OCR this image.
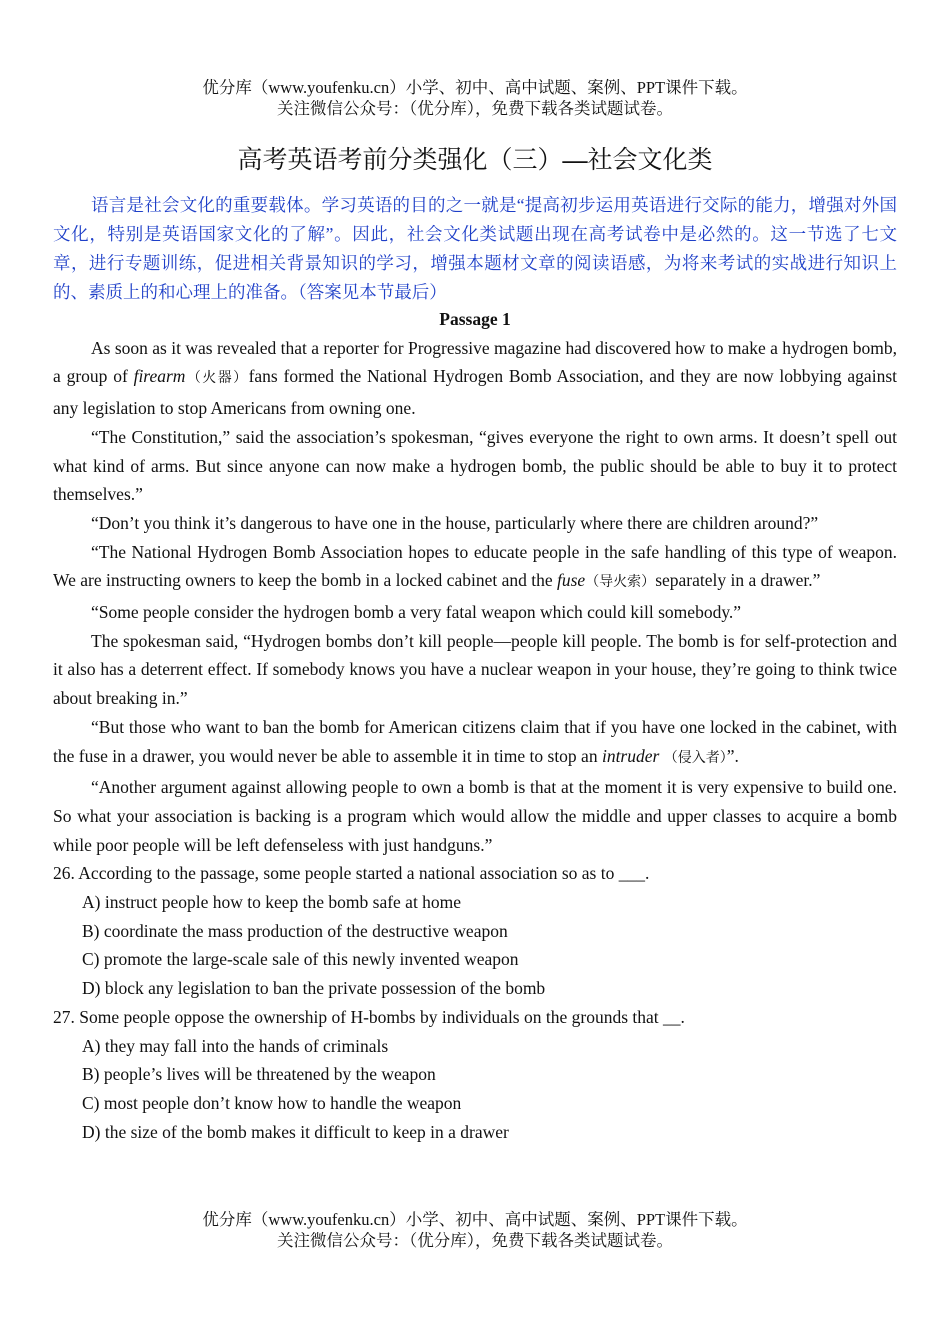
优分库（www.youfenku.cn）小学、初中、高中试题、案例、PPT课件下载。
关注微信公众号：（优分库），免费下载各类试题试卷。
高考英语考前分类强化（三）—社会文化类

语言是社会文化的重要载体。学习英语的目的之一就是“提高初步运用英语进行交际的能力，增强对外国文化，特别是英语国家文化的了解”。因此，社会文化类试题出现在高考试卷中是必然的。这一节选了七文章，进行专题训练，促进相关背景知识的学习，增强本题材文章的阅读语感，为将来考试的实战进行知识上的、素质上的和心理上的准备。（答案见本节最后）

Passage 1

As soon as it was revealed that a reporter for Progressive magazine had discovered how to make a hydrogen bomb, a group of firearm（火器）fans formed the National Hydrogen Bomb Association, and they are now lobbying against any legislation to stop Americans from owning one.

“The Constitution,” said the association’s spokesman, “gives everyone the right to own arms. It doesn’t spell out what kind of arms. But since anyone can now make a hydrogen bomb, the public should be able to buy it to protect themselves.”

“Don’t you think it’s dangerous to have one in the house, particularly where there are children around?”

“The National Hydrogen Bomb Association hopes to educate people in the safe handling of this type of weapon. We are instructing owners to keep the bomb in a locked cabinet and the fuse（导火索）separately in a drawer.”

“Some people consider the hydrogen bomb a very fatal weapon which could kill somebody.”

The spokesman said, “Hydrogen bombs don’t kill people—people kill people. The bomb is for self-protection and it also has a deterrent effect. If somebody knows you have a nuclear weapon in your house, they’re going to think twice about breaking in.”

“But those who want to ban the bomb for American citizens claim that if you have one locked in the cabinet, with the fuse in a drawer, you would never be able to assemble it in time to stop an intruder （侵入者）”.

“Another argument against allowing people to own a bomb is that at the moment it is very expensive to build one. So what your association is backing is a program which would allow the middle and upper classes to acquire a bomb while poor people will be left defenseless with just handguns.”

26. According to the passage, some people started a national association so as to ___.

A) instruct people how to keep the bomb safe at home

B) coordinate the mass production of the destructive weapon

C) promote the large-scale sale of this newly invented weapon

D) block any legislation to ban the private possession of the bomb

27. Some people oppose the ownership of H-bombs by individuals on the grounds that __.

A) they may fall into the hands of criminals

B) people’s lives will be threatened by the weapon

C) most people don’t know how to handle the weapon

D) the size of the bomb makes it difficult to keep in a drawer

优分库（www.youfenku.cn）小学、初中、高中试题、案例、PPT课件下载。
关注微信公众号：（优分库），免费下载各类试题试卷。
